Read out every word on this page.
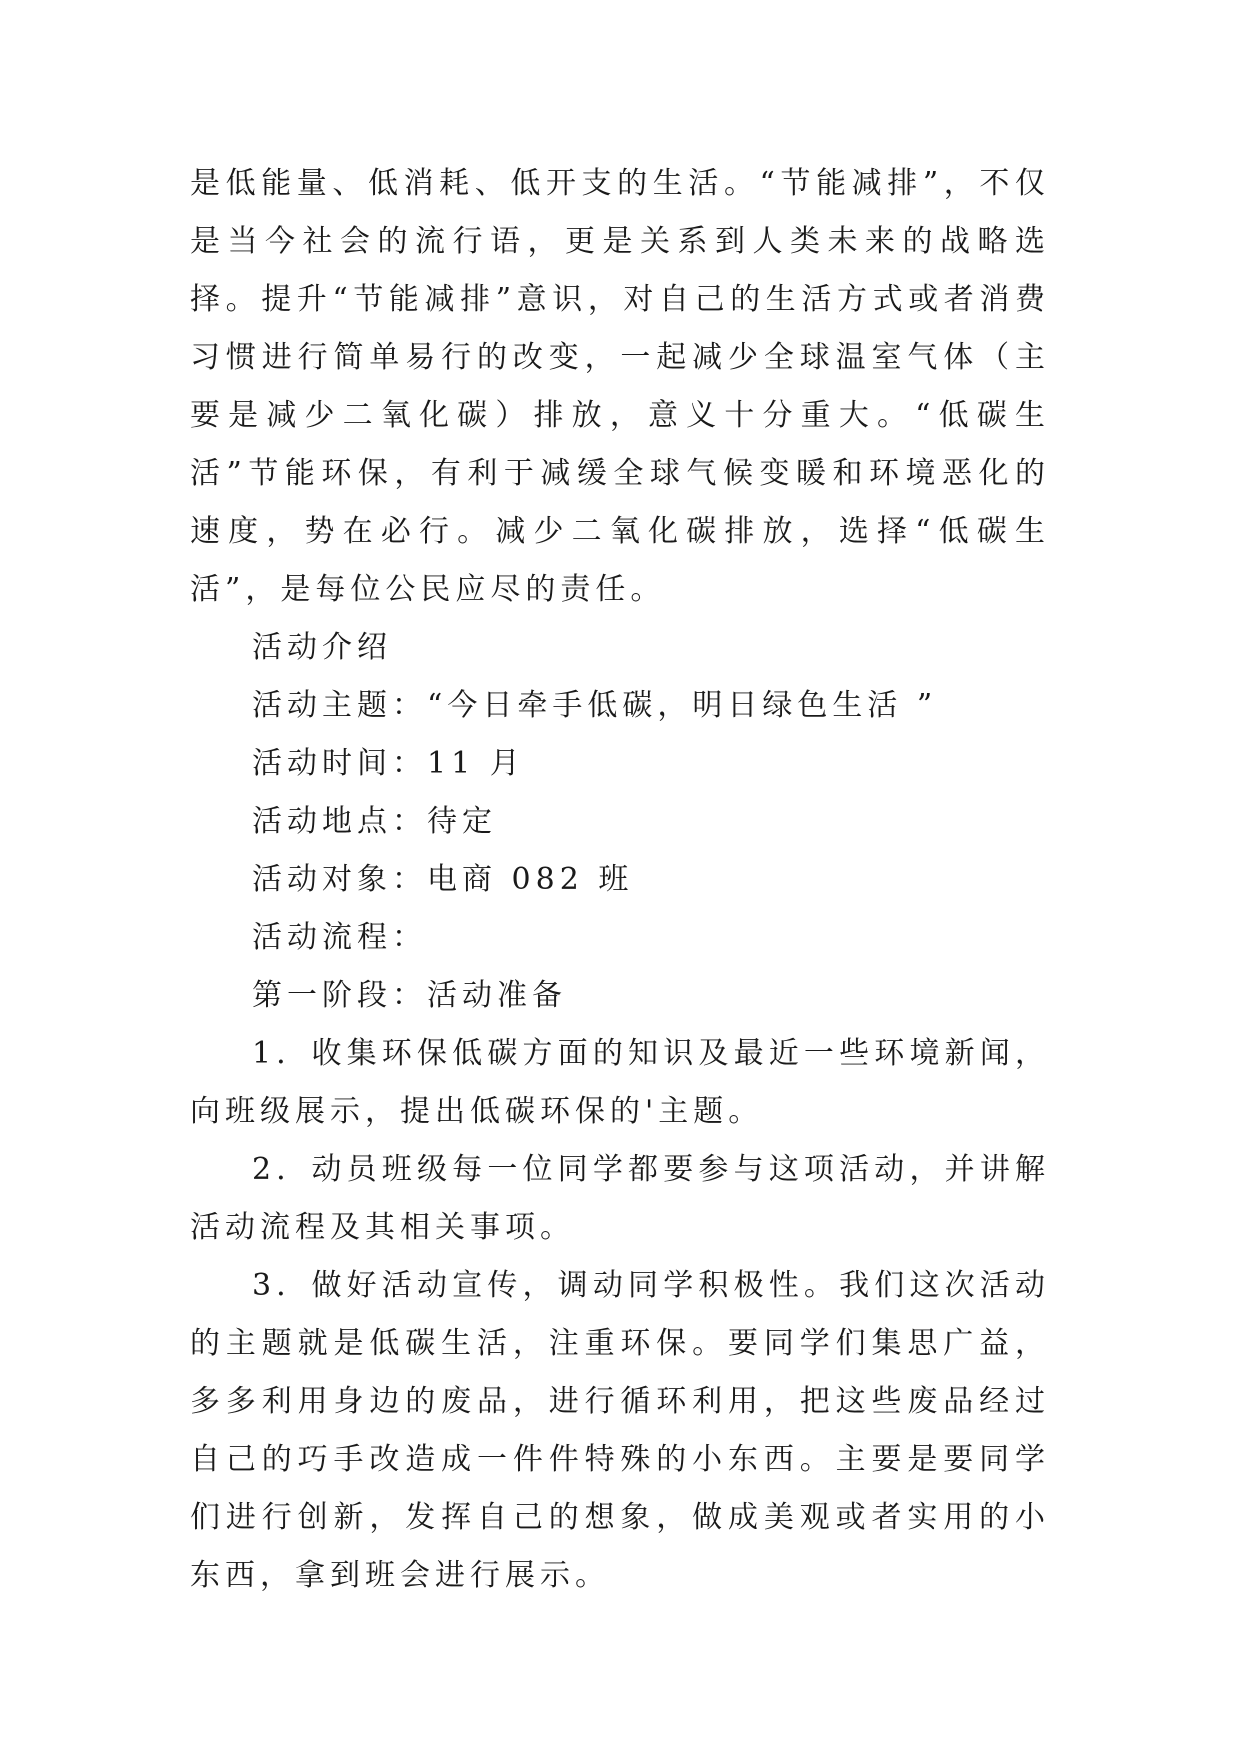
是低能量、低消耗、低开支的生活。“节能减排”，不仅是当今社会的流行语，更是关系到人类未来的战略选择。提升“节能减排”意识，对自己的生活方式或者消费习惯进行简单易行的改变，一起减少全球温室气体（主要是减少二氧化碳）排放，意义十分重大。“低碳生活”节能环保，有利于减缓全球气候变暖和环境恶化的速度，势在必行。减少二氧化碳排放，选择“低碳生活”，是每位公民应尽的责任。

活动介绍

活动主题：“今日牵手低碳，明日绿色生活 ”

活动时间：11 月

活动地点：待定

活动对象：电商 082 班

活动流程：

第一阶段：活动准备

1．收集环保低碳方面的知识及最近一些环境新闻，向班级展示，提出低碳环保的'主题。

2．动员班级每一位同学都要参与这项活动，并讲解活动流程及其相关事项。

3．做好活动宣传，调动同学积极性。我们这次活动的主题就是低碳生活，注重环保。要同学们集思广益，多多利用身边的废品，进行循环利用，把这些废品经过自己的巧手改造成一件件特殊的小东西。主要是要同学们进行创新，发挥自己的想象，做成美观或者实用的小东西，拿到班会进行展示。
